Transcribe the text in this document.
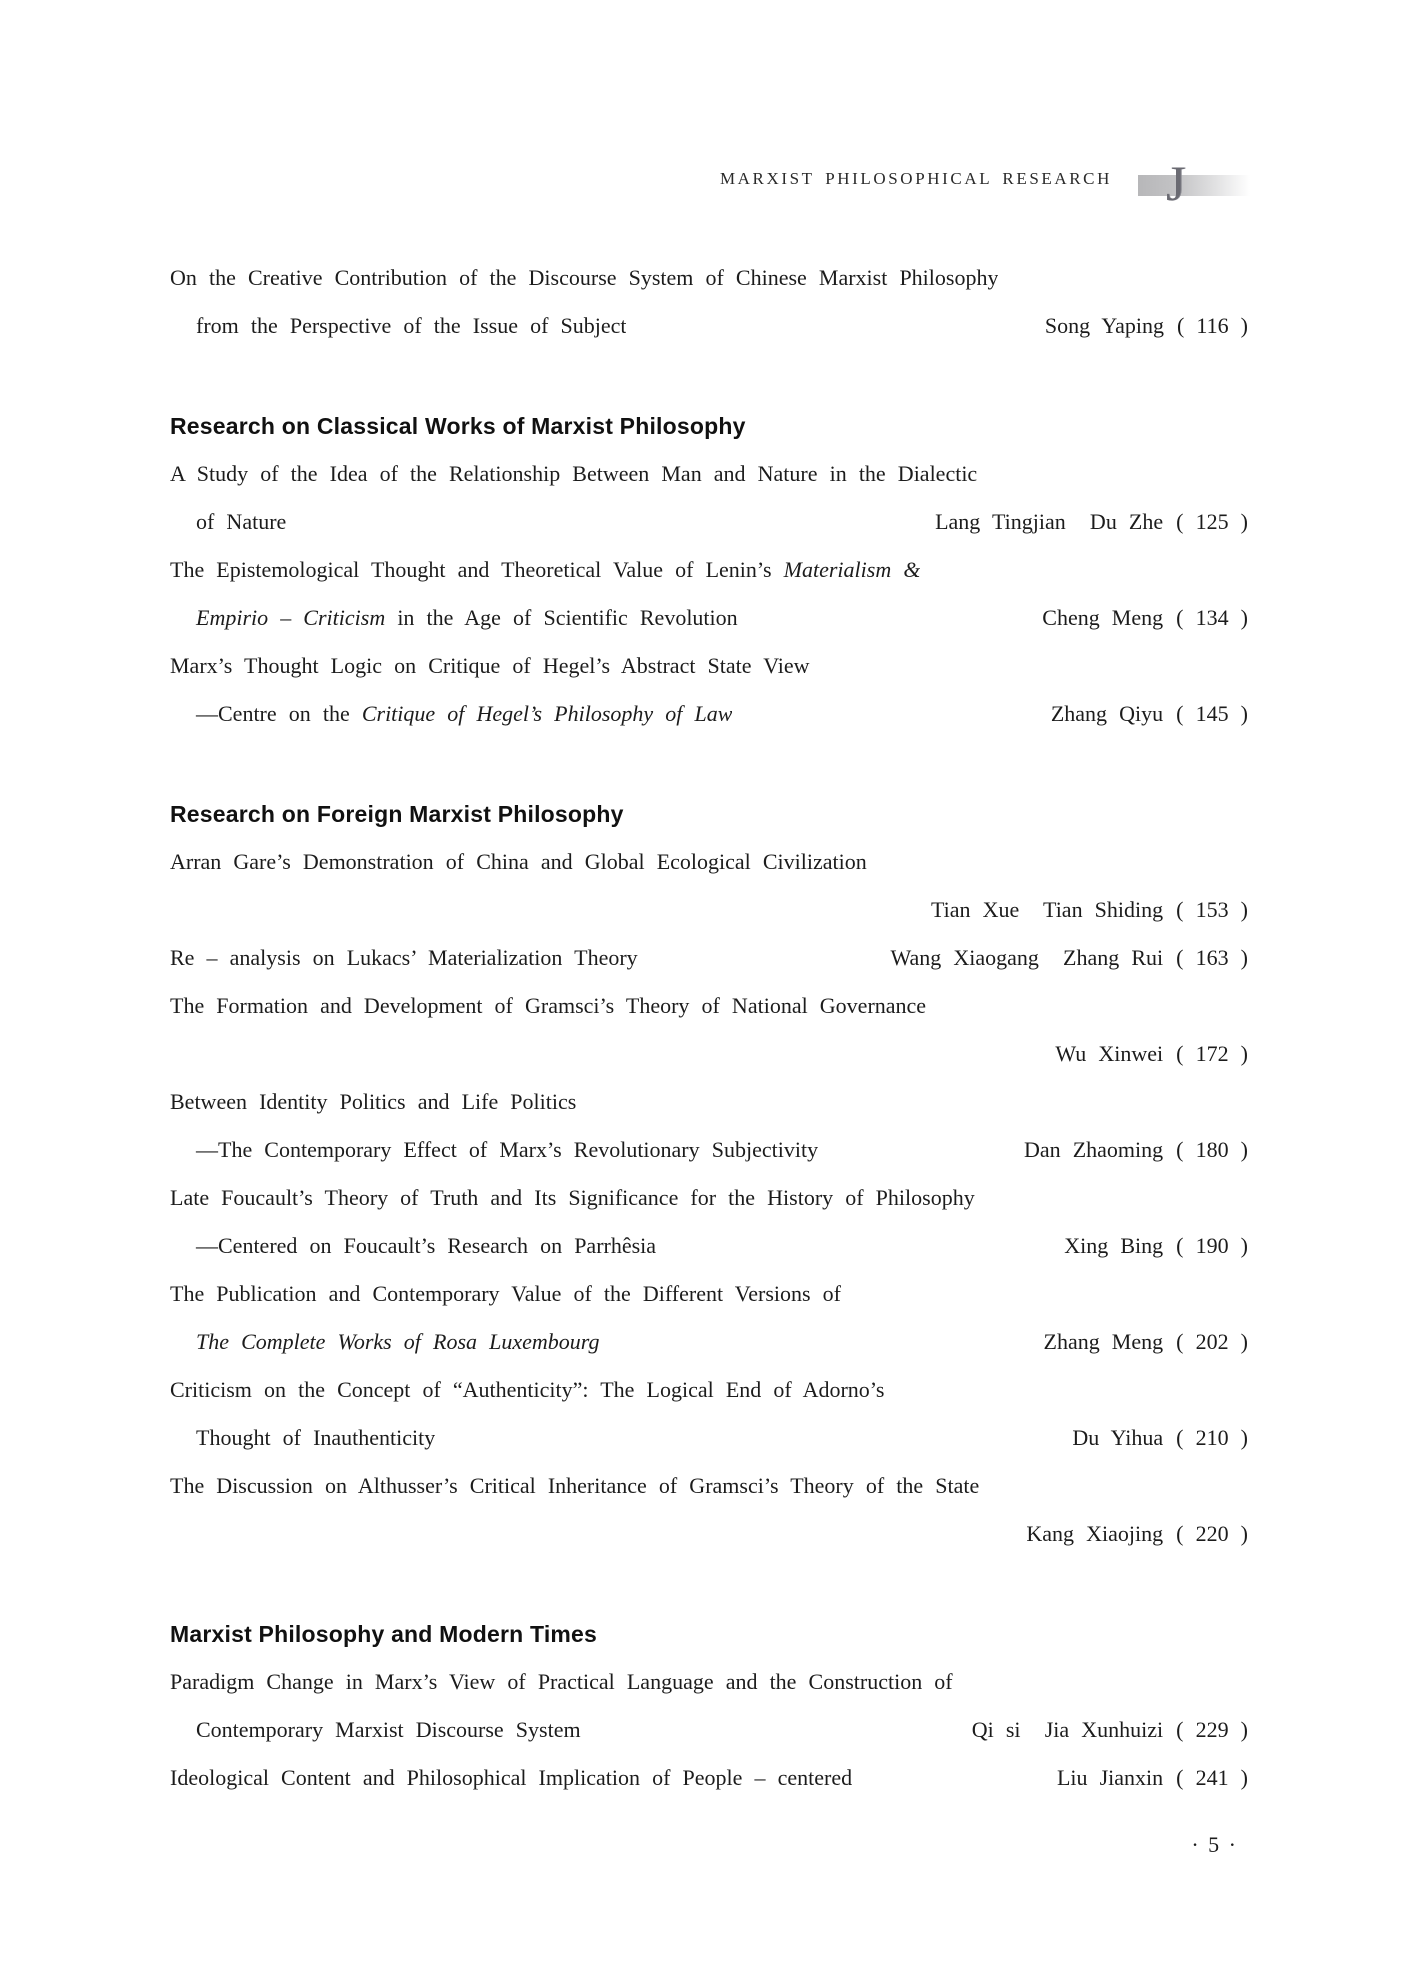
MARXIST PHILOSOPHICAL RESEARCH J
On the Creative Contribution of the Discourse System of Chinese Marxist Philosophy
from the Perspective of the Issue of Subject	Song Yaping ( 116 )
Research on Classical Works of Marxist Philosophy
A Study of the Idea of the Relationship Between Man and Nature in the Dialectic
of Nature	Lang Tingjian  Du Zhe ( 125 )
The Epistemological Thought and Theoretical Value of Lenin’s Materialism &
Empirio – Criticism in the Age of Scientific Revolution	Cheng Meng ( 134 )
Marx’s Thought Logic on Critique of Hegel’s Abstract State View
—Centre on the Critique of Hegel’s Philosophy of Law	Zhang Qiyu ( 145 )
Research on Foreign Marxist Philosophy
Arran Gare’s Demonstration of China and Global Ecological Civilization
Tian Xue  Tian Shiding ( 153 )
Re – analysis on Lukacs’ Materialization Theory	Wang Xiaogang  Zhang Rui ( 163 )
The Formation and Development of Gramsci’s Theory of National Governance
Wu Xinwei ( 172 )
Between Identity Politics and Life Politics
—The Contemporary Effect of Marx’s Revolutionary Subjectivity	Dan Zhaoming ( 180 )
Late Foucault’s Theory of Truth and Its Significance for the History of Philosophy
—Centered on Foucault’s Research on Parrhêsia	Xing Bing ( 190 )
The Publication and Contemporary Value of the Different Versions of
The Complete Works of Rosa Luxembourg	Zhang Meng ( 202 )
Criticism on the Concept of “Authenticity”: The Logical End of Adorno’s
Thought of Inauthenticity	Du Yihua ( 210 )
The Discussion on Althusser’s Critical Inheritance of Gramsci’s Theory of the State
Kang Xiaojing ( 220 )
Marxist Philosophy and Modern Times
Paradigm Change in Marx’s View of Practical Language and the Construction of
Contemporary Marxist Discourse System	Qi si  Jia Xunhuizi ( 229 )
Ideological Content and Philosophical Implication of People – centered	Liu Jianxin ( 241 )
· 5 ·
